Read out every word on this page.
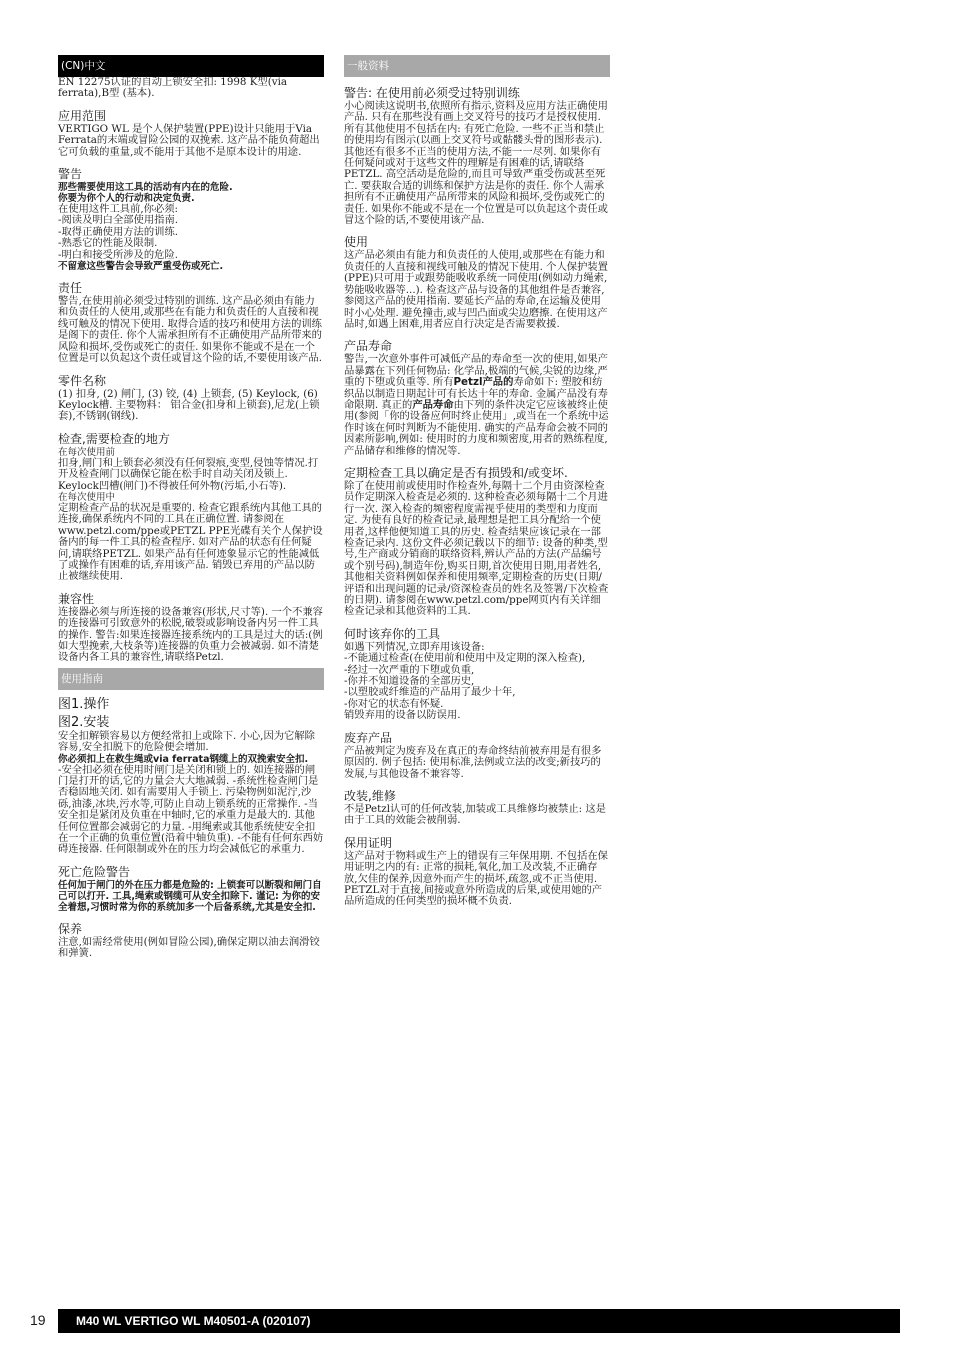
(CN)中文

EN 12275认证的自动上锁安全扣: 1998 K型(via ferrata),B型 (基本).

应用范围

VERTIGO WL 是个人保护装置(PPE)设计只能用于Via Ferrata的末端或冒险公园的双挽索. 这产品不能负荷超出它可负载的重量,或不能用于其他不是原本设计的用途.

警告

那些需要使用这工具的活动有内在的危险.

你要为你个人的行动和决定负责.

在使用这件工具前,你必须:

-阅读及明白全部使用指南.

-取得正确使用方法的训练.

-熟悉它的性能及限制.

-明白和接受所涉及的危险.

不留意这些警告会导致严重受伤或死亡.

责任

警告,在使用前必须受过特别的训练. 这产品必须由有能力和负责任的人使用,或那些在有能力和负责任的人直接和视线可触及的情况下使用. 取得合适的技巧和使用方法的训练是阁下的责任. 你个人需承担所有不正确使用产品所带来的风险和损坏,受伤或死亡的责任. 如果你不能或不是在一个位置是可以负起这个责任或冒这个险的话,不要使用该产品.

零件名称

(1) 扣身, (2) 闸门, (3) 铰, (4) 上锁套, (5) Keylock, (6) Keylock槽. 主要物料： 铝合金(扣身和上锁套),尼龙(上锁套),不锈钢(钢线).

检查,需要检查的地方

在每次使用前

扣身,闸门和上锁套必须没有任何裂痕,变型,侵蚀等情况.打开及检查闸门以确保它能在松手时自动关闭及锁上. Keylock凹槽(闸门)不得被任何外物(污垢,小石等).

在每次使用中

定期检查产品的状况是重要的. 检查它跟系统内其他工具的连接,确保系统内不同的工具在正确位置. 请参阅在www.petzl.com/ppe或PETZL PPE光碟有关个人保护设备内的每一件工具的检查程序. 如对产品的状态有任何疑问,请联络PETZL. 如果产品有任何迹象显示它的性能减低了或操作有困难的话,弃用该产品. 销毁已弃用的产品以防止被继续使用.

兼容性

连接器必须与所连接的设备兼容(形状,尺寸等). 一个不兼容的连接器可引致意外的松脱,破裂或影响设备内另一件工具的操作. 警告:如果连接器连接系统内的工具是过大的话:(例如大型挽索,大枝条等)连接器的负重力会被减弱. 如不清楚设备内各工具的兼容性,请联络Petzl.

使用指南
图1.操作
图2.安装

安全扣解锁容易以方便经常扣上或除下. 小心,因为它解除容易,安全扣脱下的危险便会增加.

你必须扣上在救生绳或via ferrata钢缆上的双挽索安全扣.

-安全扣必须在使用时闸门是关闭和锁上的. 如连接器的闸门是打开的话,它的力量会大大地减弱. -系统性检查闸门是否稳固地关闭. 如有需要用人手锁上. 污染物例如泥泞,沙砾,油漆,冰块,污水等,可防止自动上锁系统的正常操作. -当安全扣是紧闭及负重在中轴时,它的承重力是最大的. 其他任何位置都会减弱它的力量. -用绳索或其他系统使安全扣在一个正确的负重位置(沿着中轴负重). -不能有任何东西妨碍连接器. 任何限制或外在的压力均会减低它的承重力.

死亡危险警告

任何加于闸门的外在压力都是危险的: 上锁套可以断裂和闸门自己可以打开. 工具,绳索或钢缆可从安全扣除下. 谨记: 为你的安全着想,习惯时常为你的系统加多一个后备系统,尤其是安全扣.

保养

注意,如需经常使用(例如冒险公园),确保定期以油去润滑铰和弹簧.

一般资料
警告: 在使用前必须受过特别训练

小心阅读这说明书,依照所有指示,资料及应用方法正确使用产品. 只有在那些没有画上交叉符号的技巧才是授权使用. 所有其他使用不包括在内: 有死亡危险. 一些不正当和禁止的使用均有图示(以画上交叉符号或骷髅头骨的图形表示). 其他还有很多不正当的使用方法,不能一一尽列. 如果你有任何疑问或对于这些文件的理解是有困难的话,请联络PETZL. 高空活动是危险的,而且可导致严重受伤或甚至死亡. 要获取合适的训练和保护方法是你的责任. 你个人需承担所有不正确使用产品所带来的风险和损坏,受伤或死亡的责任. 如果你不能或不是在一个位置是可以负起这个责任或冒这个险的话,不要使用该产品.

使用

这产品必须由有能力和负责任的人使用,或那些在有能力和负责任的人直接和视线可触及的情况下使用. 个人保护装置(PPE)只可用于或跟势能吸收系统一同使用(例如动力绳索,势能吸收器等...). 检查这产品与设备的其他组件是否兼容,参阅这产品的使用指南. 要延长产品的寿命,在运输及使用时小心处理. 避免撞击,或与凹凸面或尖边磨擦. 在使用这产品时,如遇上困难,用者应自行决定是否需要救援.

产品寿命

警告,一次意外事件可减低产品的寿命至一次的使用,如果产品暴露在下列任何物品: 化学品,极端的气候,尖锐的边缘,严重的下堕或负重等. 所有Petzl产品的寿命如下: 塑胶和纺织品以制造日期起计可有长达十年的寿命. 金属产品没有寿命限期. 真正的产品寿命由下列的条件决定它应该被终止使用(参阅「你的设备应何时终止使用」,或当在一个系统中运作时该在何时判断为不能使用. 确实的产品寿命会被不同的因素所影响,例如: 使用时的力度和频密度,用者的熟练程度,产品储存和维修的情况等.

定期检查工具以确定是否有损毁和/或变坏.

除了在使用前或使用时作检查外,每隔十二个月由资深检查员作定期深入检查是必须的. 这种检查必须每隔十二个月进行一次. 深入检查的频密程度需视乎使用的类型和力度而定. 为使有良好的检查记录,最理想是把工具分配给一个使用者,这样他便知道工具的历史. 检查结果应该记录在一部检查记录内. 这份文件必须记载以下的细节: 设备的种类,型号,生产商或分销商的联络资料,辨认产品的方法(产品编号或个别号码),制造年份,购买日期,首次使用日期,用者姓名,其他相关资料例如保养和使用频率,定期检查的历史(日期/评语和出现问题的记录/资深检查员的姓名及签署/下次检查的日期). 请参阅在www.petzl.com/ppe网页内有关详细检查记录和其他资料的工具.

何时该弃你的工具

如遇下列情况,立即弃用该设备:

-不能通过检查(在使用前和使用中及定期的深入检查),

-经过一次严重的下堕或负重,

-你并不知道设备的全部历史,

-以塑胶或纤维造的产品用了最少十年,

-你对它的状态有怀疑.

销毁弃用的设备以防误用.

废弃产品

产品被判定为废弃及在真正的寿命终结前被弃用是有很多原因的. 例子包括: 使用标准,法例或立法的改变;新技巧的发展,与其他设备不兼容等.

改装,维修

不是Petzl认可的任何改装,加装或工具维修均被禁止: 这是由于工具的效能会被削弱.

保用证明

这产品对于物料或生产上的错误有三年保用期. 不包括在保用证明之内的有: 正常的损耗,氧化,加工及改装,不正确存放,欠佳的保养,因意外而产生的损坏,疏忽,或不正当使用. PETZL对于直接,间接或意外所造成的后果,或使用她的产品所造成的任何类型的损坏概不负责.

19	M40 WL VERTIGO WL M40501-A (020107)
